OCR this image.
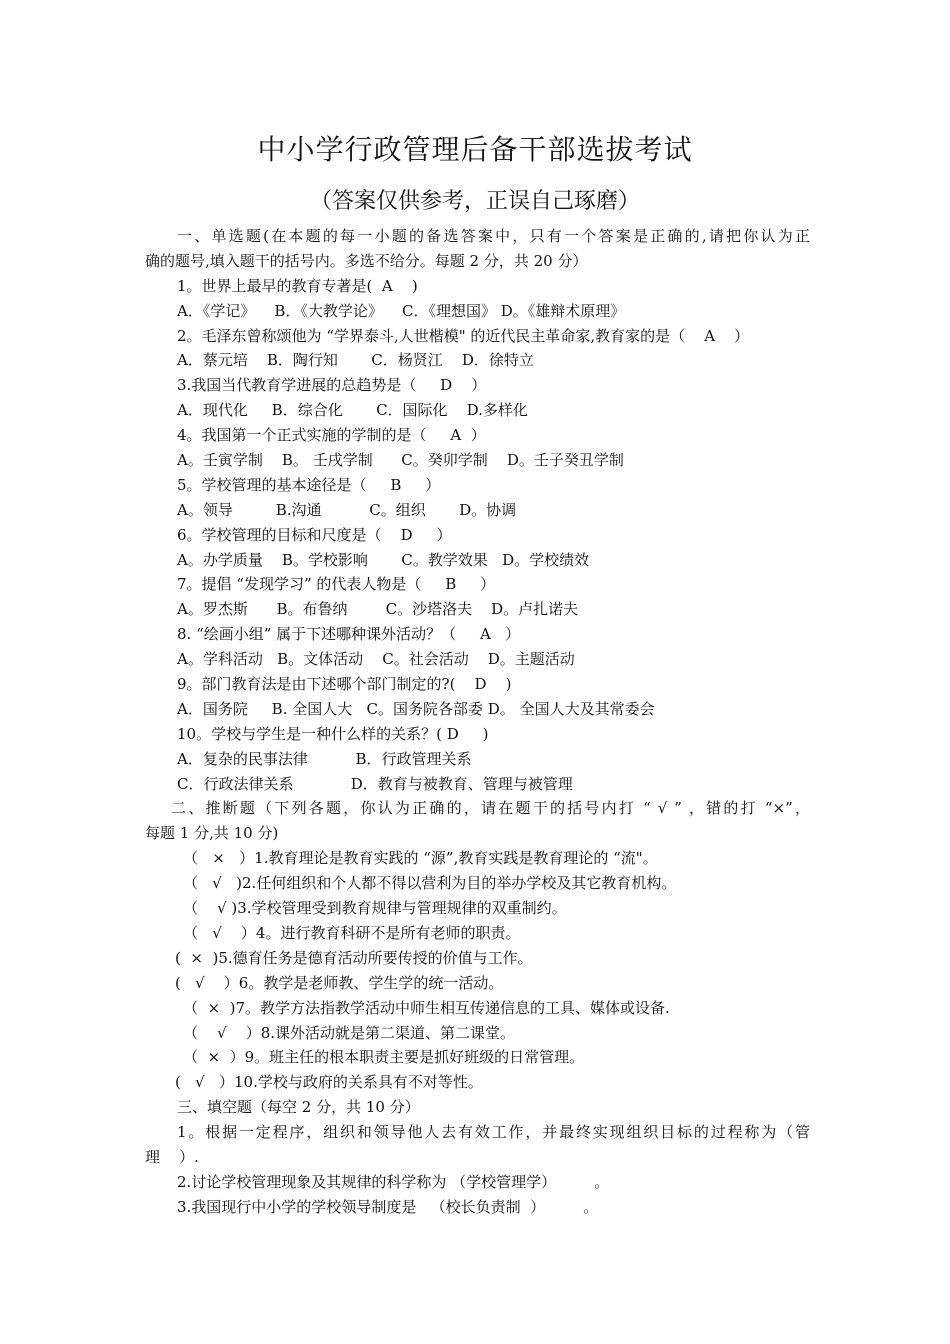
中小学行政管理后备干部选拔考试
（答案仅供参考，正误自己琢磨）
一、单选题(在本题的每一小题的备选答案中，只有一个答案是正确的,请把你认为正
确的题号,填入题干的括号内。多选不给分。每题 2 分，共 20 分）
1。世界上最早的教育专著是(  A    )
A．《学记》    B．《大教学论》    C．《理想国》 D。《雄辩术原理》
2。毛泽东曾称颂他为 “学界泰斗,人世楷模" 的近代民主革命家,教育家的是（    A    ）
A．蔡元培    B．陶行知       C．杨贤江    D．徐特立
3.我国当代教育学进展的总趋势是（     D    ）
A．现代化     B．综合化       C．国际化    D.多样化
4。我国第一个正式实施的学制的是（     A  ）
A。壬寅学制    B。 壬戌学制      C。癸卯学制    D。壬子癸丑学制
5。学校管理的基本途径是（     B     ）
A。领导         B.沟通          C。组织       D。协调
6。学校管理的目标和尺度是（    D     ）
A。办学质量    B。学校影响       C。教学效果   D。学校绩效
7。提倡 “发现学习” 的代表人物是（     B     ）
A。罗杰斯      B。布鲁纳        C。沙塔洛夫    D。卢扎诺夫
8. “绘画小组” 属于下述哪种课外活动？（     A   ）
A。学科活动   B。文体活动    C。社会活动    D。主题活动
9。部门教育法是由下述哪个部门制定的?(    D    )
A．国务院     B. 全国人大   C。国务院各部委 D。 全国人大及其常委会
10。学校与学生是一种什么样的关系？( D     )
A．复杂的民事法律          B．行政管理关系
C．行政法律关系            D．教育与被教育、管理与被管理
二、推断题（下列各题，你认为正确的，请在题干的括号内打 “ √ ” ，错的打 “×”，
每题 1 分,共 10 分)
（   ×   ）1.教育理论是教育实践的 “源”,教育实践是教育理论的 “流"。
（   √   )2.任何组织和个人都不得以营利为目的举办学校及其它教育机构。
（    √ )3.学校管理受到教育规律与管理规律的双重制约。
（   √    ）4。进行教育科研不是所有老师的职责。
(  ×  )5.德育任务是德育活动所要传授的价值与工作。
(   √    ）6。教学是老师教、学生学的统一活动。
（  ×  )7。教学方法指教学活动中师生相互传递信息的工具、媒体或设备.
（    √    ）8.课外活动就是第二渠道、第二课堂。
（  ×  ）9。班主任的根本职责主要是抓好班级的日常管理。
(   √   ）10.学校与政府的关系具有不对等性。
三、填空题（每空 2 分，共 10 分）
1。根据一定程序，组织和领导他人去有效工作，并最终实现组织目标的过程称为（管
理    ）.
2.讨论学校管理现象及其规律的科学称为 （学校管理学）        。
3.我国现行中小学的学校领导制度是   （校长负责制  ）        。
